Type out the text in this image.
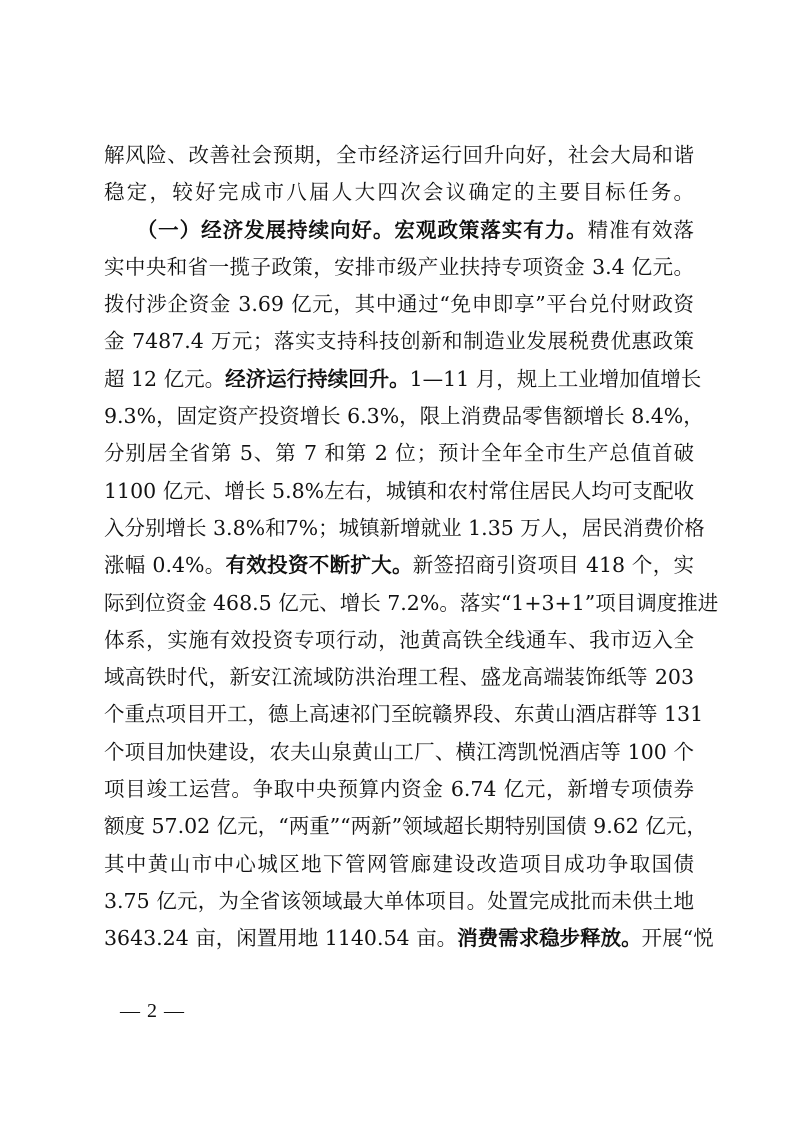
解风险、改善社会预期，全市经济运行回升向好，社会大局和谐
稳定，较好完成市八届人大四次会议确定的主要目标任务。
　　（一）经济发展持续向好。宏观政策落实有力。精准有效落
实中央和省一揽子政策，安排市级产业扶持专项资金 3.4 亿元。
拨付涉企资金 3.69 亿元，其中通过“免申即享”平台兑付财政资
金 7487.4 万元；落实支持科技创新和制造业发展税费优惠政策
超 12 亿元。经济运行持续回升。1—11 月，规上工业增加值增长
9.3%，固定资产投资增长 6.3%，限上消费品零售额增长 8.4%，
分别居全省第 5、第 7 和第 2 位；预计全年全市生产总值首破
1100 亿元、增长 5.8%左右，城镇和农村常住居民人均可支配收
入分别增长 3.8%和7%；城镇新增就业 1.35 万人，居民消费价格
涨幅 0.4%。有效投资不断扩大。新签招商引资项目 418 个，实
际到位资金 468.5 亿元、增长 7.2%。落实“1+3+1”项目调度推进
体系，实施有效投资专项行动，池黄高铁全线通车、我市迈入全
域高铁时代，新安江流域防洪治理工程、盛龙高端装饰纸等 203
个重点项目开工，德上高速祁门至皖赣界段、东黄山酒店群等 131
个项目加快建设，农夫山泉黄山工厂、横江湾凯悦酒店等 100 个
项目竣工运营。争取中央预算内资金 6.74 亿元，新增专项债券
额度 57.02 亿元，“两重”“两新”领域超长期特别国债 9.62 亿元，
其中黄山市中心城区地下管网管廊建设改造项目成功争取国债
3.75 亿元，为全省该领域最大单体项目。处置完成批而未供土地
3643.24 亩，闲置用地 1140.54 亩。消费需求稳步释放。开展“悦
— 2 —
